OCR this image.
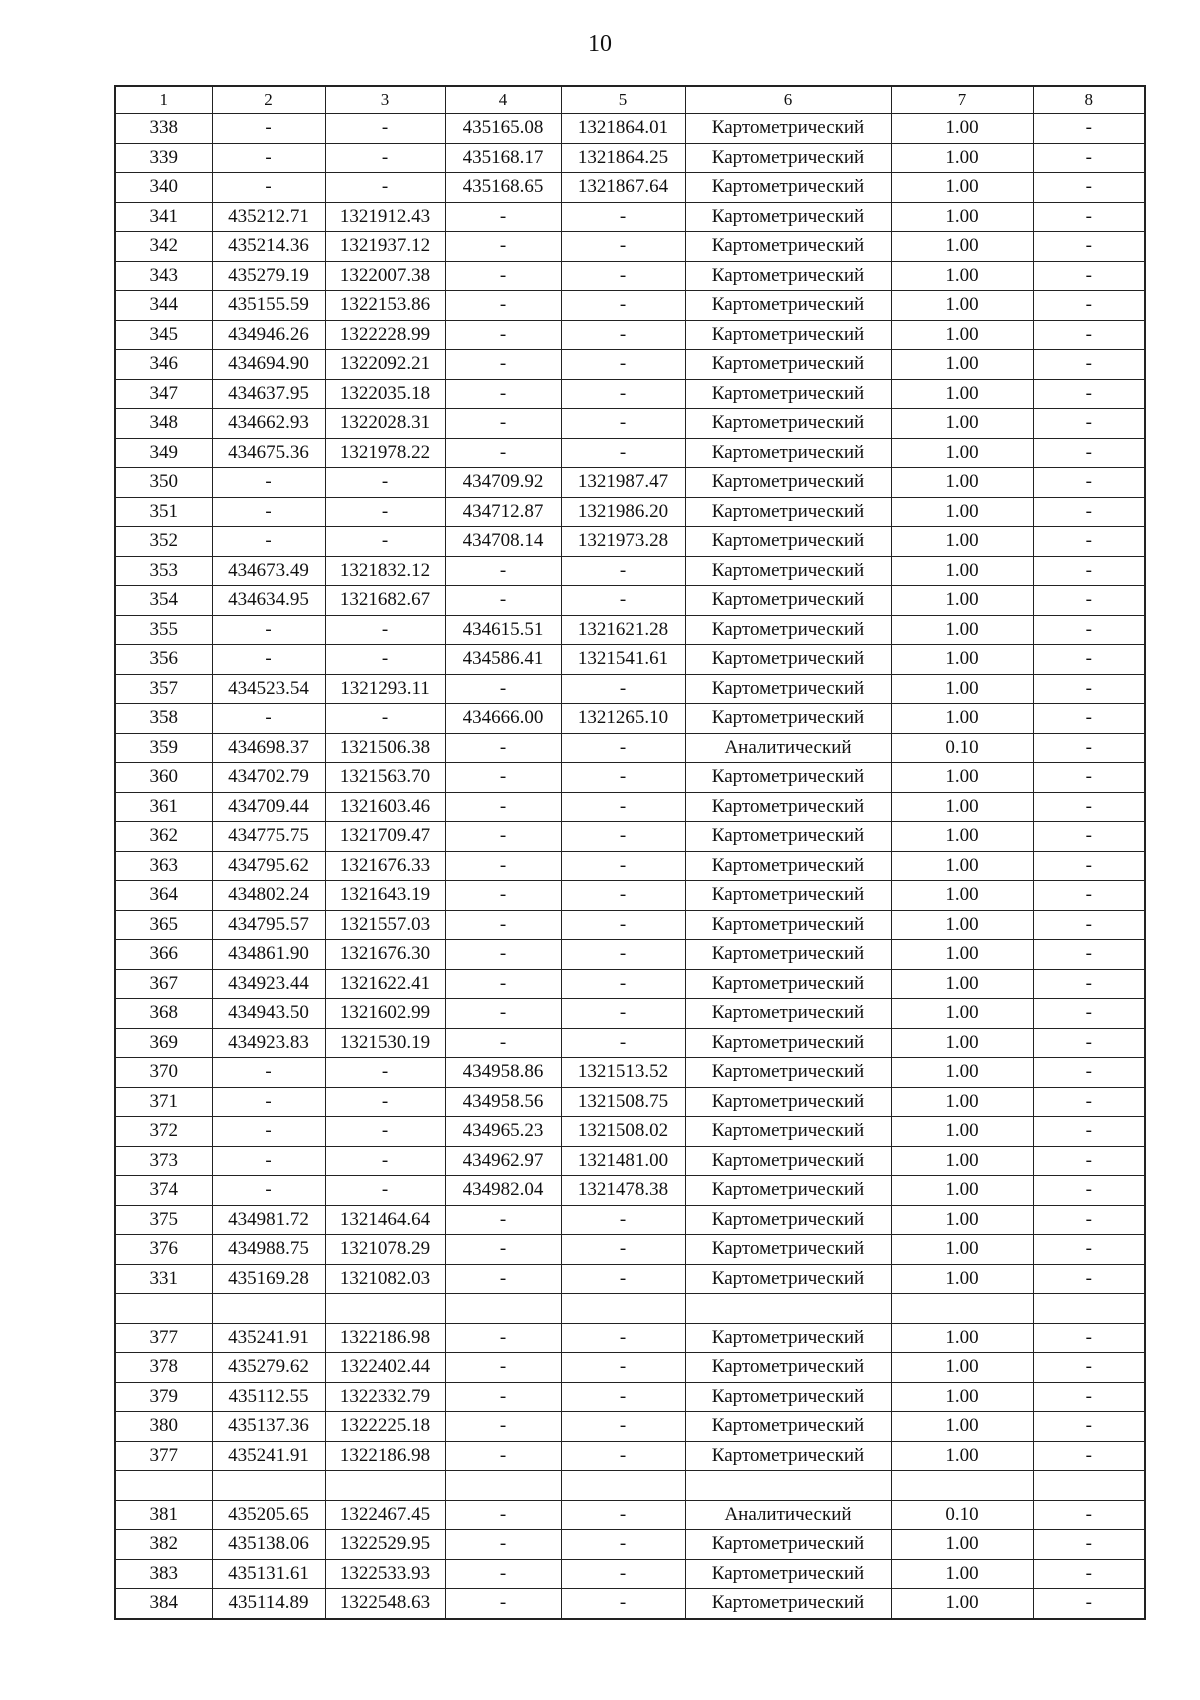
10
1	2	3	4	5	6	7	8
338	-	-	435165.08	1321864.01	Картометрический	1.00	-
339	-	-	435168.17	1321864.25	Картометрический	1.00	-
340	-	-	435168.65	1321867.64	Картометрический	1.00	-
341	435212.71	1321912.43	-	-	Картометрический	1.00	-
342	435214.36	1321937.12	-	-	Картометрический	1.00	-
343	435279.19	1322007.38	-	-	Картометрический	1.00	-
344	435155.59	1322153.86	-	-	Картометрический	1.00	-
345	434946.26	1322228.99	-	-	Картометрический	1.00	-
346	434694.90	1322092.21	-	-	Картометрический	1.00	-
347	434637.95	1322035.18	-	-	Картометрический	1.00	-
348	434662.93	1322028.31	-	-	Картометрический	1.00	-
349	434675.36	1321978.22	-	-	Картометрический	1.00	-
350	-	-	434709.92	1321987.47	Картометрический	1.00	-
351	-	-	434712.87	1321986.20	Картометрический	1.00	-
352	-	-	434708.14	1321973.28	Картометрический	1.00	-
353	434673.49	1321832.12	-	-	Картометрический	1.00	-
354	434634.95	1321682.67	-	-	Картометрический	1.00	-
355	-	-	434615.51	1321621.28	Картометрический	1.00	-
356	-	-	434586.41	1321541.61	Картометрический	1.00	-
357	434523.54	1321293.11	-	-	Картометрический	1.00	-
358	-	-	434666.00	1321265.10	Картометрический	1.00	-
359	434698.37	1321506.38	-	-	Аналитический	0.10	-
360	434702.79	1321563.70	-	-	Картометрический	1.00	-
361	434709.44	1321603.46	-	-	Картометрический	1.00	-
362	434775.75	1321709.47	-	-	Картометрический	1.00	-
363	434795.62	1321676.33	-	-	Картометрический	1.00	-
364	434802.24	1321643.19	-	-	Картометрический	1.00	-
365	434795.57	1321557.03	-	-	Картометрический	1.00	-
366	434861.90	1321676.30	-	-	Картометрический	1.00	-
367	434923.44	1321622.41	-	-	Картометрический	1.00	-
368	434943.50	1321602.99	-	-	Картометрический	1.00	-
369	434923.83	1321530.19	-	-	Картометрический	1.00	-
370	-	-	434958.86	1321513.52	Картометрический	1.00	-
371	-	-	434958.56	1321508.75	Картометрический	1.00	-
372	-	-	434965.23	1321508.02	Картометрический	1.00	-
373	-	-	434962.97	1321481.00	Картометрический	1.00	-
374	-	-	434982.04	1321478.38	Картометрический	1.00	-
375	434981.72	1321464.64	-	-	Картометрический	1.00	-
376	434988.75	1321078.29	-	-	Картометрический	1.00	-
331	435169.28	1321082.03	-	-	Картометрический	1.00	-

377	435241.91	1322186.98	-	-	Картометрический	1.00	-
378	435279.62	1322402.44	-	-	Картометрический	1.00	-
379	435112.55	1322332.79	-	-	Картометрический	1.00	-
380	435137.36	1322225.18	-	-	Картометрический	1.00	-
377	435241.91	1322186.98	-	-	Картометрический	1.00	-

381	435205.65	1322467.45	-	-	Аналитический	0.10	-
382	435138.06	1322529.95	-	-	Картометрический	1.00	-
383	435131.61	1322533.93	-	-	Картометрический	1.00	-
384	435114.89	1322548.63	-	-	Картометрический	1.00	-
